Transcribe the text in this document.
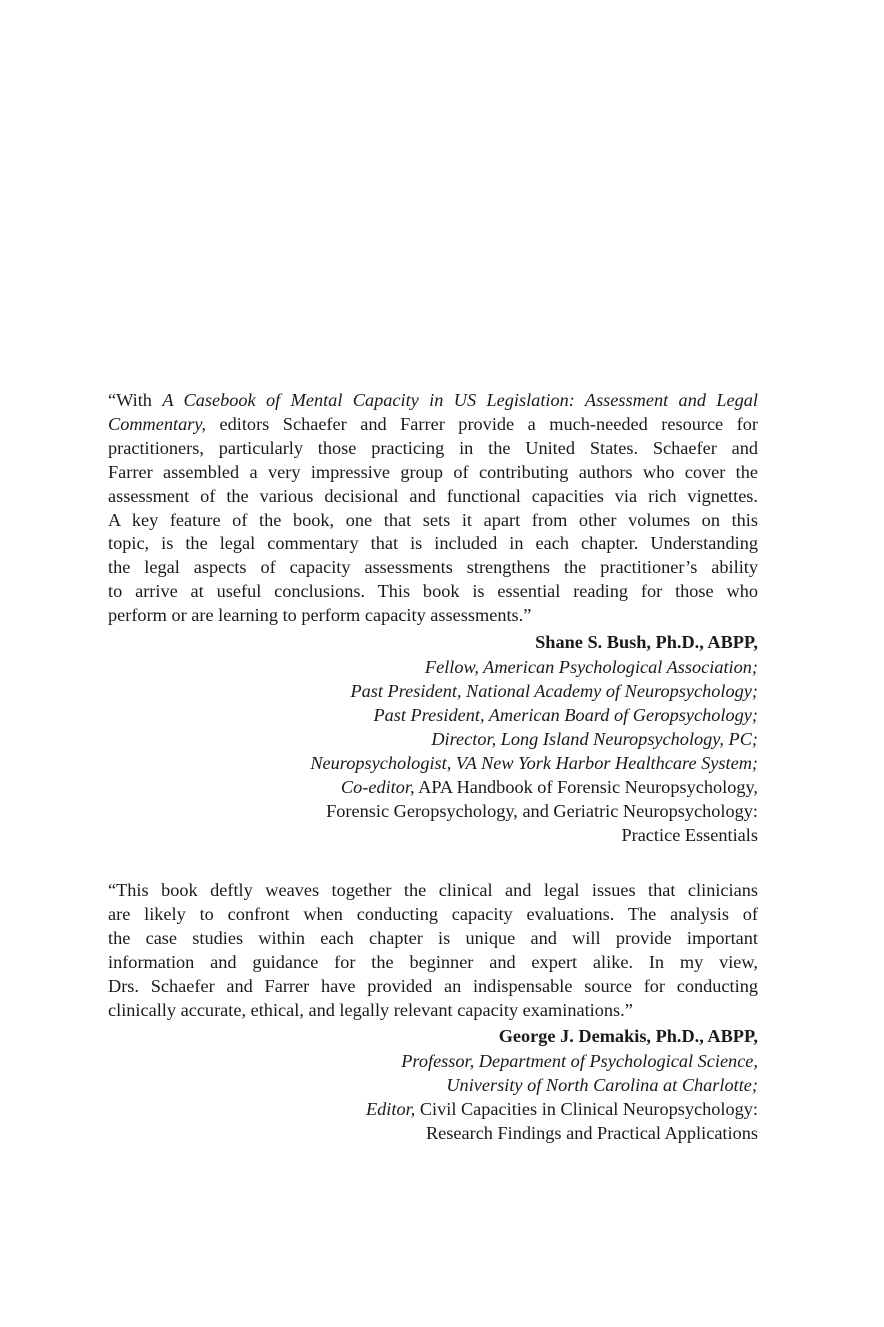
“With A Casebook of Mental Capacity in US Legislation: Assessment and Legal
Commentary, editors Schaefer and Farrer provide a much-needed resource for
practitioners, particularly those practicing in the United States. Schaefer and
Farrer assembled a very impressive group of contributing authors who cover the
assessment of the various decisional and functional capacities via rich vignettes.
A key feature of the book, one that sets it apart from other volumes on this
topic, is the legal commentary that is included in each chapter. Understanding
the legal aspects of capacity assessments strengthens the practitioner’s ability
to arrive at useful conclusions. This book is essential reading for those who
perform or are learning to perform capacity assessments.”

Shane S. Bush, Ph.D., ABPP,
Fellow, American Psychological Association;
Past President, National Academy of Neuropsychology;
Past President, American Board of Geropsychology;
Director, Long Island Neuropsychology, PC;
Neuropsychologist, VA New York Harbor Healthcare System;
Co-editor, APA Handbook of Forensic Neuropsychology,
Forensic Geropsychology, and Geriatric Neuropsychology:
Practice Essentials

“This book deftly weaves together the clinical and legal issues that clinicians
are likely to confront when conducting capacity evaluations. The analysis of
the case studies within each chapter is unique and will provide important
information and guidance for the beginner and expert alike. In my view,
Drs. Schaefer and Farrer have provided an indispensable source for conducting
clinically accurate, ethical, and legally relevant capacity examinations.”

George J. Demakis, Ph.D., ABPP,
Professor, Department of Psychological Science,
University of North Carolina at Charlotte;
Editor, Civil Capacities in Clinical Neuropsychology:
Research Findings and Practical Applications
